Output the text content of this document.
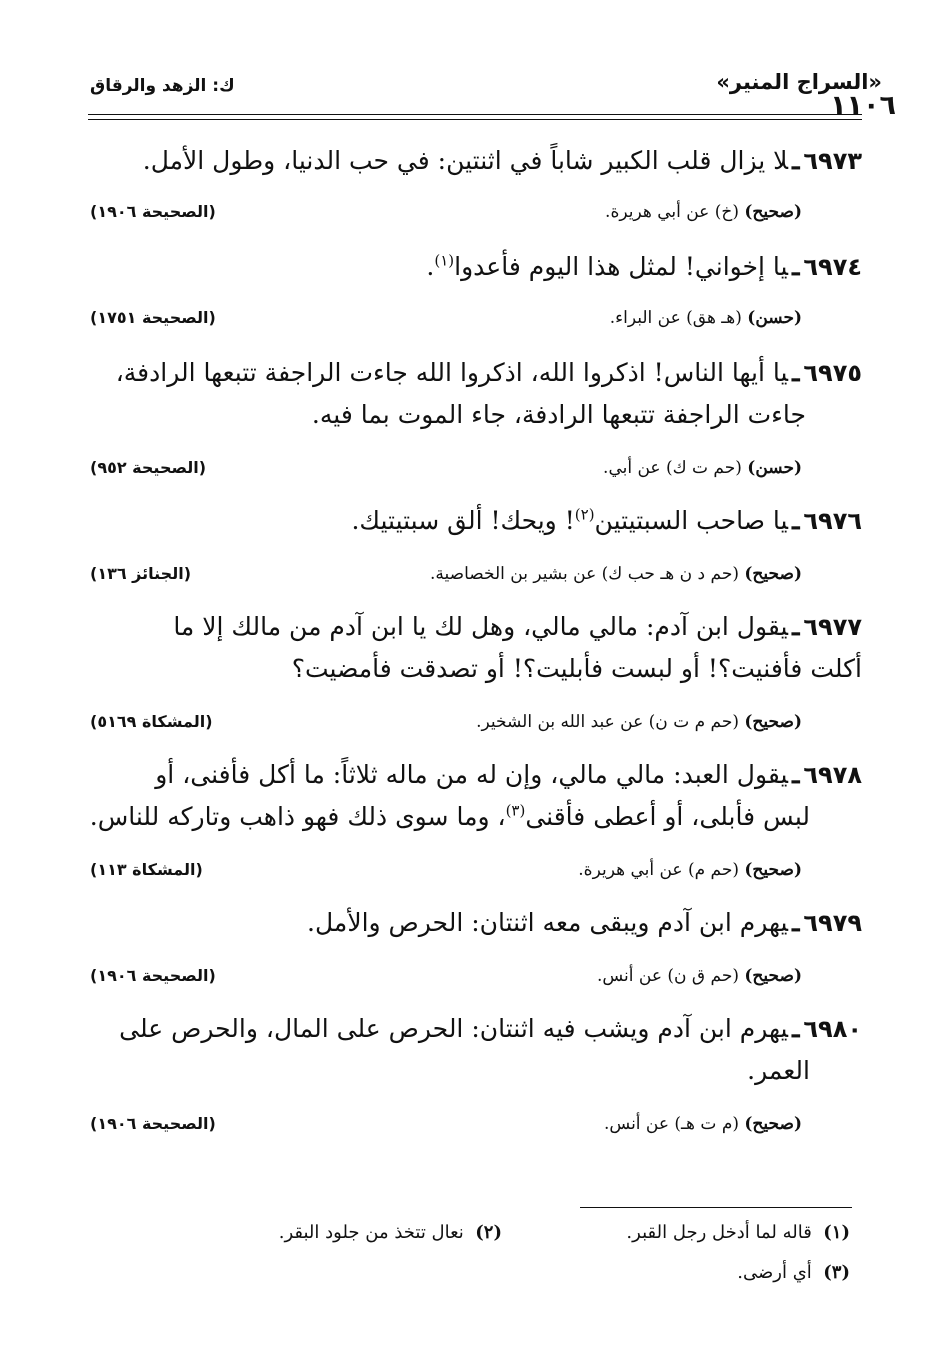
«السراج المنير»
ك: الزهد والرقاق
١١٠٦
٦٩٧٣ـلا يزال قلب الكبير شاباً في اثنتين: في حب الدنيا، وطول الأمل.
(صحيح) (خ) عن أبي هريرة.
(الصحيحة ١٩٠٦)
٦٩٧٤ـيا إخواني! لمثل هذا اليوم فأعدوا$^{(١)}$.
(حسن) (هـ هق) عن البراء.
(الصحيحة ١٧٥١)
٦٩٧٥ـيا أيها الناس! اذكروا الله، اذكروا الله جاءت الراجفة تتبعها الرادفة،
جاءت الراجفة تتبعها الرادفة، جاء الموت بما فيه.
(حسن) (حم ت ك) عن أبي.
(الصحيحة ٩٥٢)
٦٩٧٦ـيا صاحب السبتيتين$^{(٢)}$! ويحك! ألق سبتيتيك.
(صحيح) (حم د ن هـ حب ك) عن بشير بن الخصاصية.
(الجنائز ١٣٦)
٦٩٧٧ـيقول ابن آدم: مالي مالي، وهل لك يا ابن آدم من مالك إلا ما
أكلت فأفنيت؟! أو لبست فأبليت؟! أو تصدقت فأمضيت؟
(صحيح) (حم م ت ن) عن عبد الله بن الشخير.
(المشكاة ٥١٦٩)
٦٩٧٨ـيقول العبد: مالي مالي، وإن له من ماله ثلاثاً: ما أكل فأفنى، أو
لبس فأبلى، أو أعطى فأقنى$^{(٣)}$، وما سوى ذلك فهو ذاهب وتاركه للناس.
(صحيح) (حم م) عن أبي هريرة.
(المشكاة ١١٣)
٦٩٧٩ـيهرم ابن آدم ويبقى معه اثنتان: الحرص والأمل.
(صحيح) (حم ق ن) عن أنس.
(الصحيحة ١٩٠٦)
٦٩٨٠ـيهرم ابن آدم ويشب فيه اثنتان: الحرص على المال، والحرص على
العمر.
(صحيح) (م ت هـ) عن أنس.
(الصحيحة ١٩٠٦)
(١)  قاله لما أدخل رجل القبر.
(٢)  نعال تتخذ من جلود البقر.
(٣)  أي أرضى.
